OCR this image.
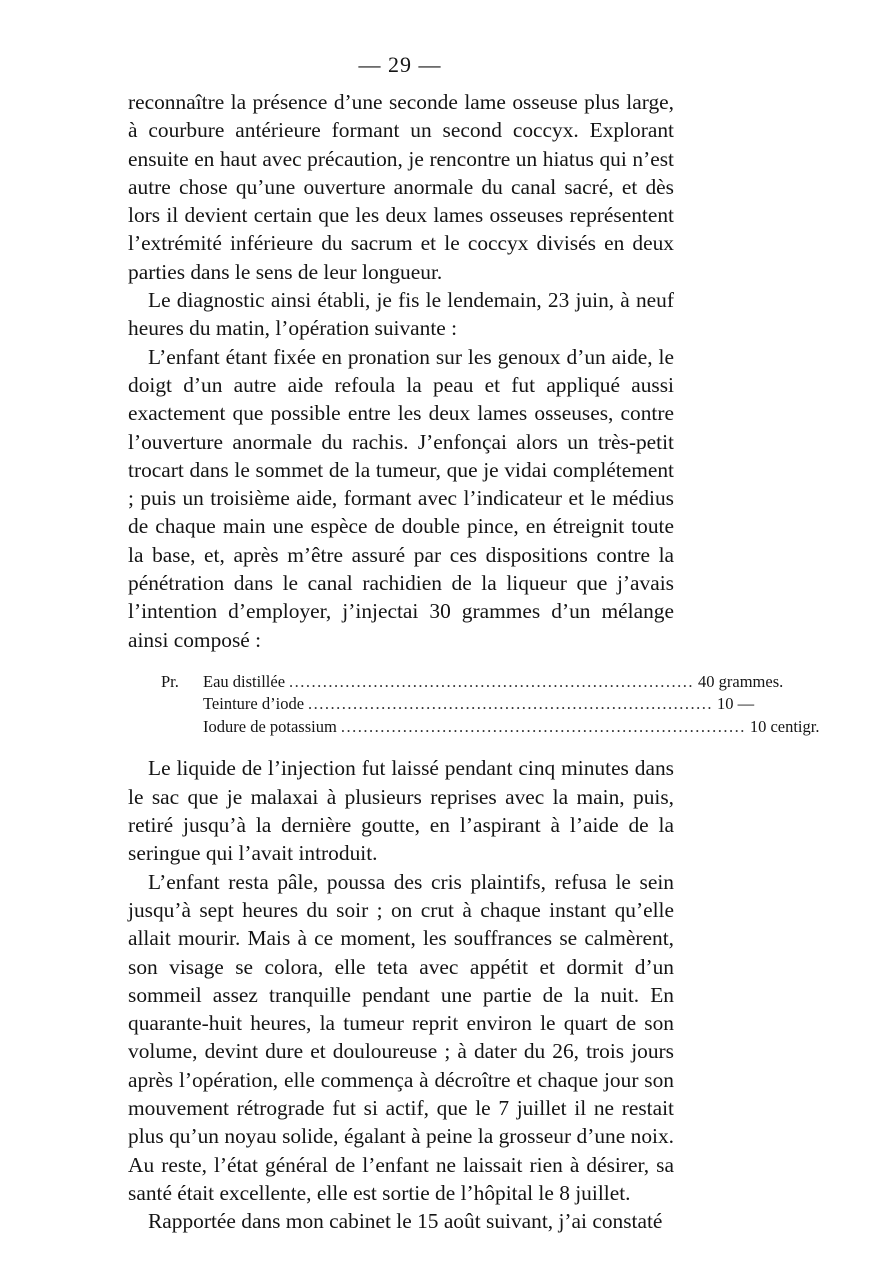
— 29 —

reconnaître la présence d’une seconde lame osseuse plus large, à courbure antérieure formant un second coccyx. Explorant ensuite en haut avec précaution, je rencontre un hiatus qui n’est autre chose qu’une ouverture anormale du canal sacré, et dès lors il devient certain que les deux lames osseuses représentent l’extrémité inférieure du sacrum et le coccyx divisés en deux parties dans le sens de leur longueur.

Le diagnostic ainsi établi, je fis le lendemain, 23 juin, à neuf heures du matin, l’opération suivante :

L’enfant étant fixée en pronation sur les genoux d’un aide, le doigt d’un autre aide refoula la peau et fut appliqué aussi exactement que possible entre les deux lames osseuses, contre l’ouverture anormale du rachis. J’enfonçai alors un très-petit trocart dans le sommet de la tumeur, que je vidai complétement ; puis un troisième aide, formant avec l’indicateur et le médius de chaque main une espèce de double pince, en étreignit toute la base, et, après m’être assuré par ces dispositions contre la pénétration dans le canal rachidien de la liqueur que j’avais l’intention d’employer, j’injectai 30 grammes d’un mélange ainsi composé :

Pr.	Eau distillée ........................................................................ 40 grammes.
Teinture d’iode ........................................................................ 10 —
Iodure de potassium ........................................................................ 10 centigr.

Le liquide de l’injection fut laissé pendant cinq minutes dans le sac que je malaxai à plusieurs reprises avec la main, puis, retiré jusqu’à la dernière goutte, en l’aspirant à l’aide de la seringue qui l’avait introduit.

L’enfant resta pâle, poussa des cris plaintifs, refusa le sein jusqu’à sept heures du soir ; on crut à chaque instant qu’elle allait mourir. Mais à ce moment, les souffrances se calmèrent, son visage se colora, elle teta avec appétit et dormit d’un sommeil assez tranquille pendant une partie de la nuit. En quarante-huit heures, la tumeur reprit environ le quart de son volume, devint dure et douloureuse ; à dater du 26, trois jours après l’opération, elle commença à décroître et chaque jour son mouvement rétrograde fut si actif, que le 7 juillet il ne restait plus qu’un noyau solide, égalant à peine la grosseur d’une noix. Au reste, l’état général de l’enfant ne laissait rien à désirer, sa santé était excellente, elle est sortie de l’hôpital le 8 juillet.

Rapportée dans mon cabinet le 15 août suivant, j’ai constaté
